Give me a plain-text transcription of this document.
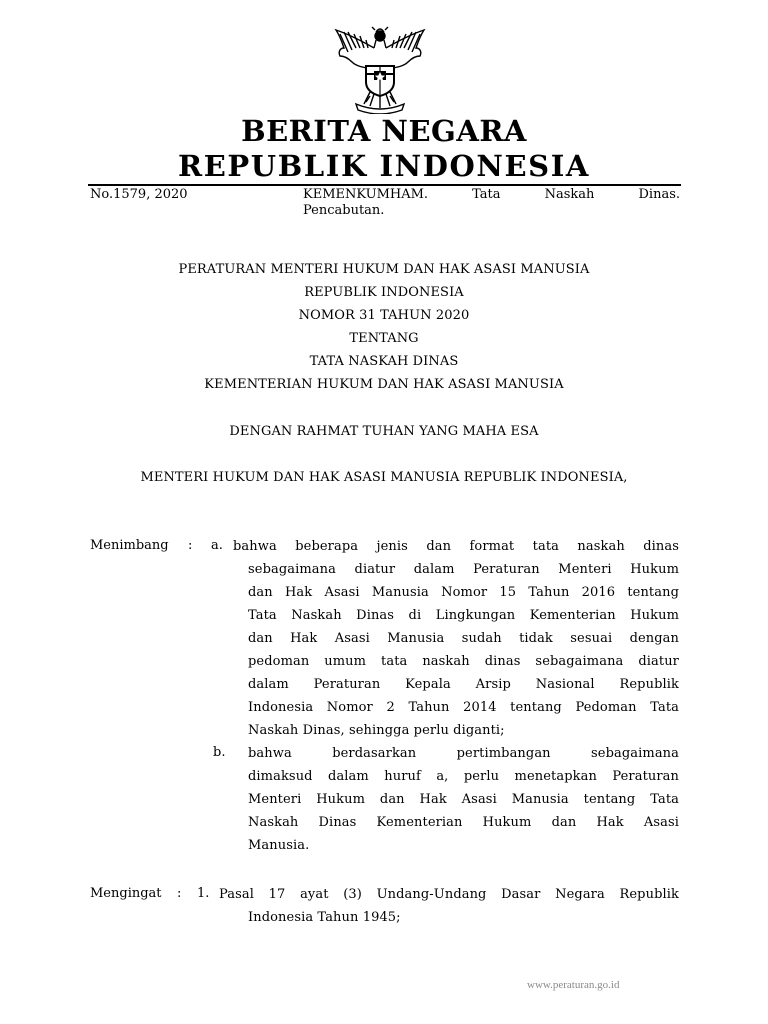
BERITA NEGARA
REPUBLIK INDONESIA
No.1579, 2020	KEMENKUMHAM. Tata Naskah Dinas.
Pencabutan.
PERATURAN MENTERI HUKUM DAN HAK ASASI MANUSIA
REPUBLIK INDONESIA
NOMOR 31 TAHUN 2020
TENTANG
TATA NASKAH DINAS
KEMENTERIAN HUKUM DAN HAK ASASI MANUSIA
DENGAN RAHMAT TUHAN YANG MAHA ESA
MENTERI HUKUM DAN HAK ASASI MANUSIA REPUBLIK INDONESIA,
Menimbang : a. bahwa beberapa jenis dan format tata naskah dinas
sebagaimana diatur dalam Peraturan Menteri Hukum
dan Hak Asasi Manusia Nomor 15 Tahun 2016 tentang
Tata Naskah Dinas di Lingkungan Kementerian Hukum
dan Hak Asasi Manusia sudah tidak sesuai dengan
pedoman umum tata naskah dinas sebagaimana diatur
dalam Peraturan Kepala Arsip Nasional Republik
Indonesia Nomor 2 Tahun 2014 tentang Pedoman Tata
Naskah Dinas, sehingga perlu diganti;
b. bahwa berdasarkan pertimbangan sebagaimana
dimaksud dalam huruf a, perlu menetapkan Peraturan
Menteri Hukum dan Hak Asasi Manusia tentang Tata
Naskah Dinas Kementerian Hukum dan Hak Asasi
Manusia.
Mengingat : 1. Pasal 17 ayat (3) Undang-Undang Dasar Negara Republik
Indonesia Tahun 1945;
www.peraturan.go.id
